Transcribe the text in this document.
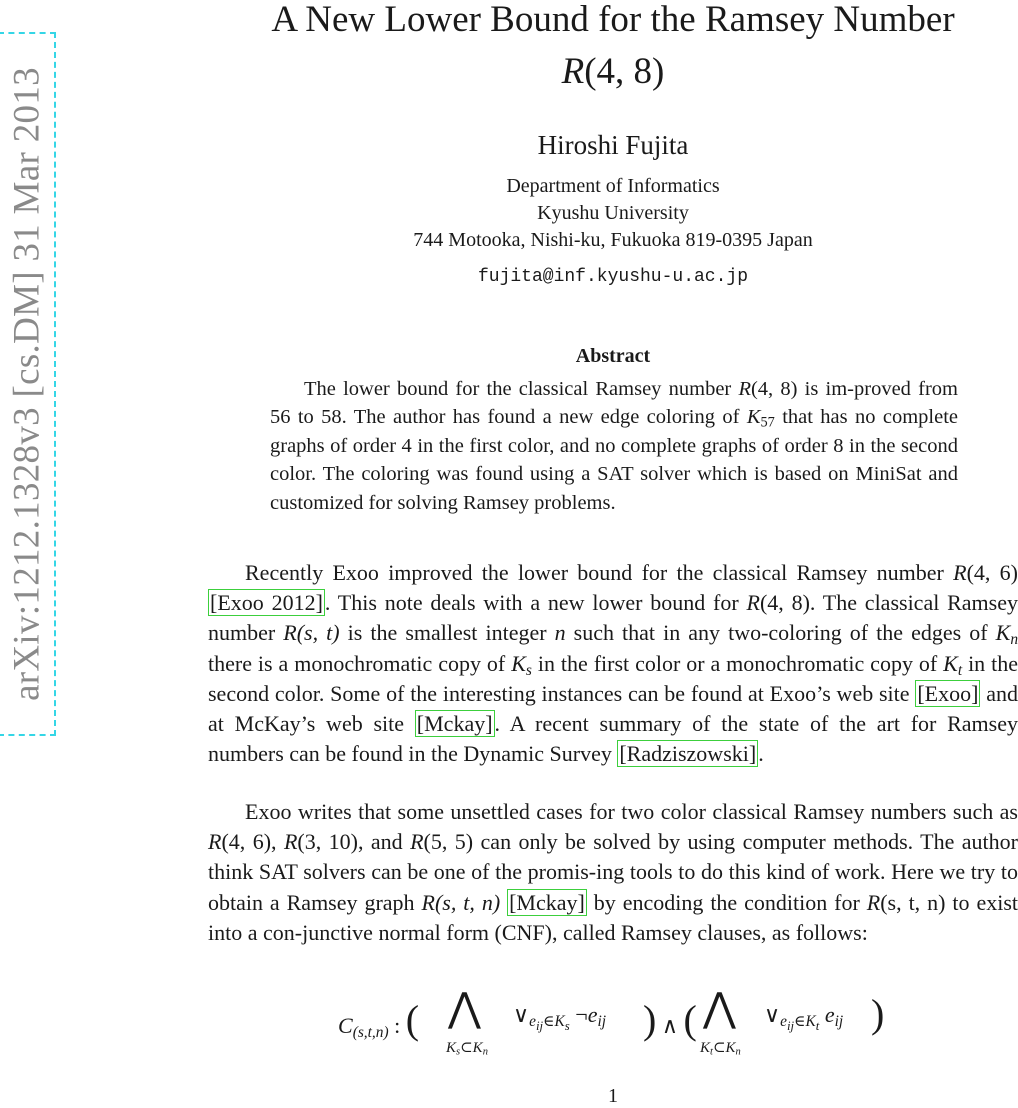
arXiv:1212.1328v3 [cs.DM] 31 Mar 2013
A New Lower Bound for the Ramsey Number
R(4, 8)
Hiroshi Fujita
Department of Informatics
Kyushu University
744 Motooka, Nishi-ku, Fukuoka 819-0395 Japan
fujita@inf.kyushu-u.ac.jp
Abstract

The lower bound for the classical Ramsey number R(4, 8) is im-proved from 56 to 58. The author has found a new edge coloring of $K_{57}$ that has no complete graphs of order 4 in the first color, and no complete graphs of order 8 in the second color. The coloring was found using a SAT solver which is based on MiniSat and customized for solving Ramsey problems.

Recently Exoo improved the lower bound for the classical Ramsey number R(4, 6) [Exoo 2012]. This note deals with a new lower bound for R(4, 8). The classical Ramsey number R(s, t) is the smallest integer n such that in any two-coloring of the edges of $K_n$ there is a monochromatic copy of $K_s$ in the first color or a monochromatic copy of $K_t$ in the second color. Some of the interesting instances can be found at Exoo’s web site [Exoo] and at McKay’s web site [Mckay]. A recent summary of the state of the art for Ramsey numbers can be found in the Dynamic Survey [Radziszowski].

Exoo writes that some unsettled cases for two color classical Ramsey numbers such as R(4, 6), R(3, 10), and R(5, 5) can only be solved by using computer methods. The author think SAT solvers can be one of the promis-ing tools to do this kind of work. Here we try to obtain a Ramsey graph R(s, t, n) [Mckay] by encoding the condition for R(s, t, n) to exist into a con-junctive normal form (CNF), called Ramsey clauses, as follows:

$C_{(s,t,n)}$ : ( ⋀
$K_s\subset K_n$
$\vee_{e_{ij}\in K_s}$ $\neg e_{ij}$ ) ∧ ( ⋀
$K_t\subset K_n$
$\vee_{e_{ij}\in K_t}$ $e_{ij}$ )
1
